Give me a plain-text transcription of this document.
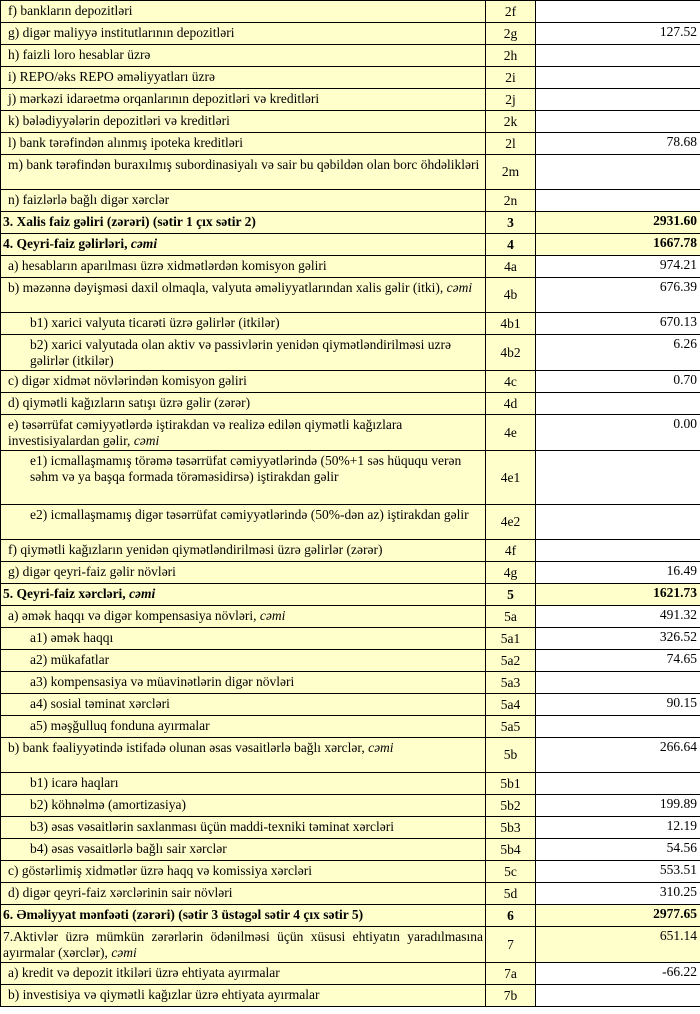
f) bankların depozitləri	2f	
g) digər maliyyə institutlarının depozitləri	2g	127.52
h) faizli loro hesablar üzrə	2h	
i) REPO/əks REPO əməliyyatları üzrə	2i	
j) mərkəzi idarəetmə orqanlarının depozitləri və kreditləri	2j	
k) bələdiyyələrin depozitləri və kreditləri	2k	
l) bank tərəfindən alınmış ipoteka kreditləri	2l	78.68
m) bank tərəfindən buraxılmış subordinasiyalı və sair bu qəbildən olan borc öhdəlikləri	2m	
n) faizlərlə bağlı digər xərclər	2n	
3. Xalis faiz gəliri (zərəri) (sətir 1 çıx sətir 2)	3	2931.60
4. Qeyri-faiz gəlirləri, cəmi	4	1667.78
a) hesabların aparılması üzrə xidmətlərdən komisyon gəliri	4a	974.21
b) məzənnə dəyişməsi daxil olmaqla, valyuta əməliyyatlarından xalis gəlir (itki), cəmi	4b	676.39
b1) xarici valyuta ticarəti üzrə gəlirlər (itkilər)	4b1	670.13
b2) xarici valyutada olan aktiv və passivlərin yenidən qiymətləndirilməsi uzrə gəlirlər (itkilər)	4b2	6.26
c) digər xidmət növlərindən komisyon gəliri	4c	0.70
d) qiymətli kağızların satışı üzrə gəlir (zərər)	4d	
e) təsərrüfat cəmiyyətlərdə iştirakdan və realizə edilən qiymətli kağızlara investisiyalardan gəlir, cəmi	4e	0.00
e1) icmallaşmamış törəmə təsərrüfat cəmiyyətlərində (50%+1 səs hüququ verən səhm və ya başqa formada törəməsidirsə) iştirakdan gəlir	4e1	
e2) icmallaşmamış digər təsərrüfat cəmiyyətlərində (50%-dən az) iştirakdan gəlir	4e2	
f) qiymətli kağızların yenidən qiymətləndirilməsi üzrə gəlirlər (zərər)	4f	
g) digər qeyri-faiz gəlir növləri	4g	16.49
5. Qeyri-faiz xərcləri, cəmi	5	1621.73
a) əmək haqqı və digər kompensasiya növləri, cəmi	5a	491.32
a1) əmək haqqı	5a1	326.52
a2) mükafatlar	5a2	74.65
a3) kompensasiya və müavinətlərin digər növləri	5a3	
a4) sosial təminat xərcləri	5a4	90.15
a5) məşğulluq fonduna ayırmalar	5a5	
b) bank fəaliyyətində istifadə olunan əsas vəsaitlərlə bağlı xərclər, cəmi	5b	266.64
b1) icarə haqları	5b1	
b2) köhnəlmə (amortizasiya)	5b2	199.89
b3) əsas vəsaitlərin saxlanması üçün maddi-texniki təminat xərcləri	5b3	12.19
b4) əsas vəsaitlərlə bağlı sair xərclər	5b4	54.56
c) göstərlimiş xidmətlər üzrə haqq və komissiya xərcləri	5c	553.51
d) digər qeyri-faiz xərclərinin sair növləri	5d	310.25
6. Əməliyyat mənfəəti (zərəri) (sətir 3 üstəgəl sətir 4 çıx sətir 5)	6	2977.65
7.Aktivlər üzrə mümkün zərərlərin ödənilməsi üçün xüsusi ehtiyatın yaradılmasına ayırmalar (xərclər), cəmi	7	651.14
a) kredit və depozit itkiləri üzrə ehtiyata ayırmalar	7a	-66.22
b) investisiya və qiymətli kağızlar üzrə ehtiyata ayırmalar	7b	
